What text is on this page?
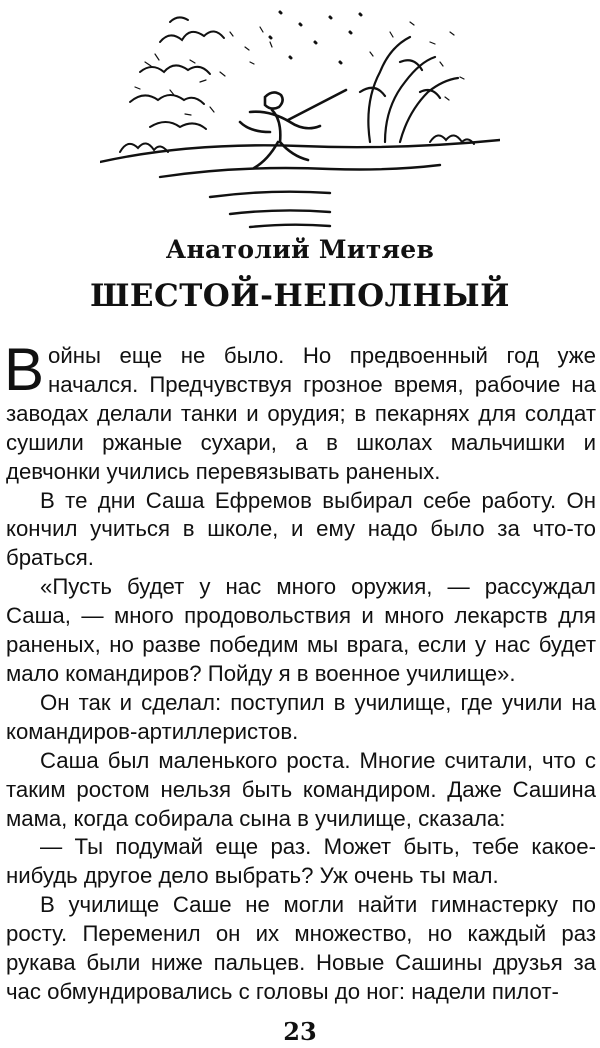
Анатолий Митяев
ШЕСТОЙ-НЕПОЛНЫЙ

Войны еще не было. Но предвоенный год уже начался. Предчувствуя грозное время, рабочие на заводах делали танки и орудия; в пекарнях для солдат сушили ржаные сухари, а в школах мальчишки и девчонки учились перевязывать раненых.

В те дни Саша Ефремов выбирал себе работу. Он кончил учиться в школе, и ему надо было за что-то браться.

«Пусть будет у нас много оружия, — рассуждал Саша, — много продовольствия и много лекарств для раненых, но разве победим мы врага, если у нас будет мало командиров? Пойду я в военное училище».

Он так и сделал: поступил в училище, где учили на командиров-артиллеристов.

Саша был маленького роста. Многие считали, что с таким ростом нельзя быть командиром. Даже Сашина мама, когда собирала сына в училище, сказала:

— Ты подумай еще раз. Может быть, тебе какое-нибудь другое дело выбрать? Уж очень ты мал.

В училище Саше не могли найти гимнастерку по росту. Переменил он их множество, но каждый раз рукава были ниже пальцев. Новые Сашины друзья за час обмундировались с головы до ног: надели пилот-

23
